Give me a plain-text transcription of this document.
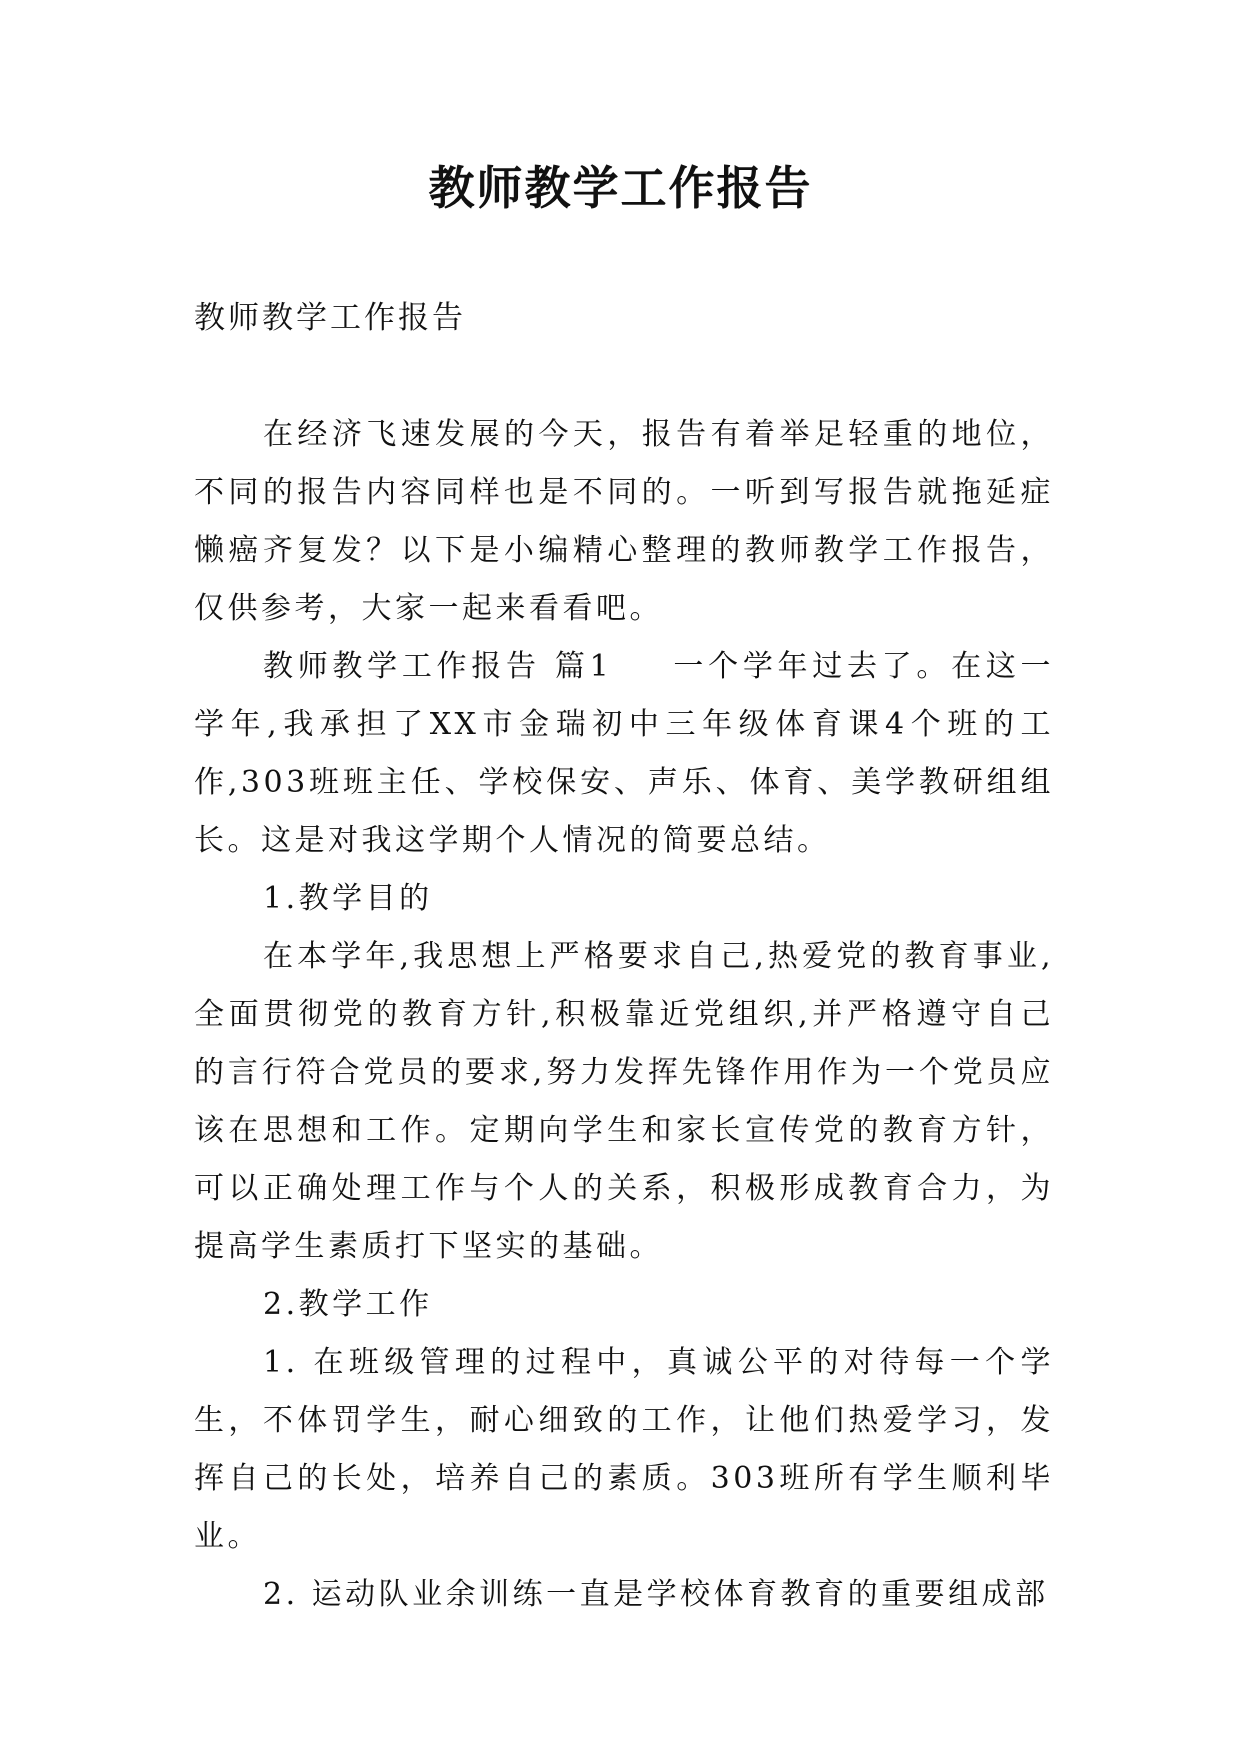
教师教学工作报告
教师教学工作报告

在经济飞速发展的今天，报告有着举足轻重的地位，不同的报告内容同样也是不同的。一听到写报告就拖延症懒癌齐复发？以下是小编精心整理的教师教学工作报告，仅供参考，大家一起来看看吧。

教师教学工作报告 篇1 一个学年过去了。在这一学年,我承担了XX市金瑞初中三年级体育课4个班的工作,303班班主任、学校保安、声乐、体育、美学教研组组长。这是对我这学期个人情况的简要总结。

1.教学目的

在本学年,我思想上严格要求自己,热爱党的教育事业,全面贯彻党的教育方针,积极靠近党组织,并严格遵守自己的言行符合党员的要求,努力发挥先锋作用作为一个党员应该在思想和工作。定期向学生和家长宣传党的教育方针，可以正确处理工作与个人的关系，积极形成教育合力，为提高学生素质打下坚实的基础。

2.教学工作

1. 在班级管理的过程中，真诚公平的对待每一个学生，不体罚学生，耐心细致的工作，让他们热爱学习，发挥自己的长处，培养自己的素质。303班所有学生顺利毕业。

2. 运动队业余训练一直是学校体育教育的重要组成部
